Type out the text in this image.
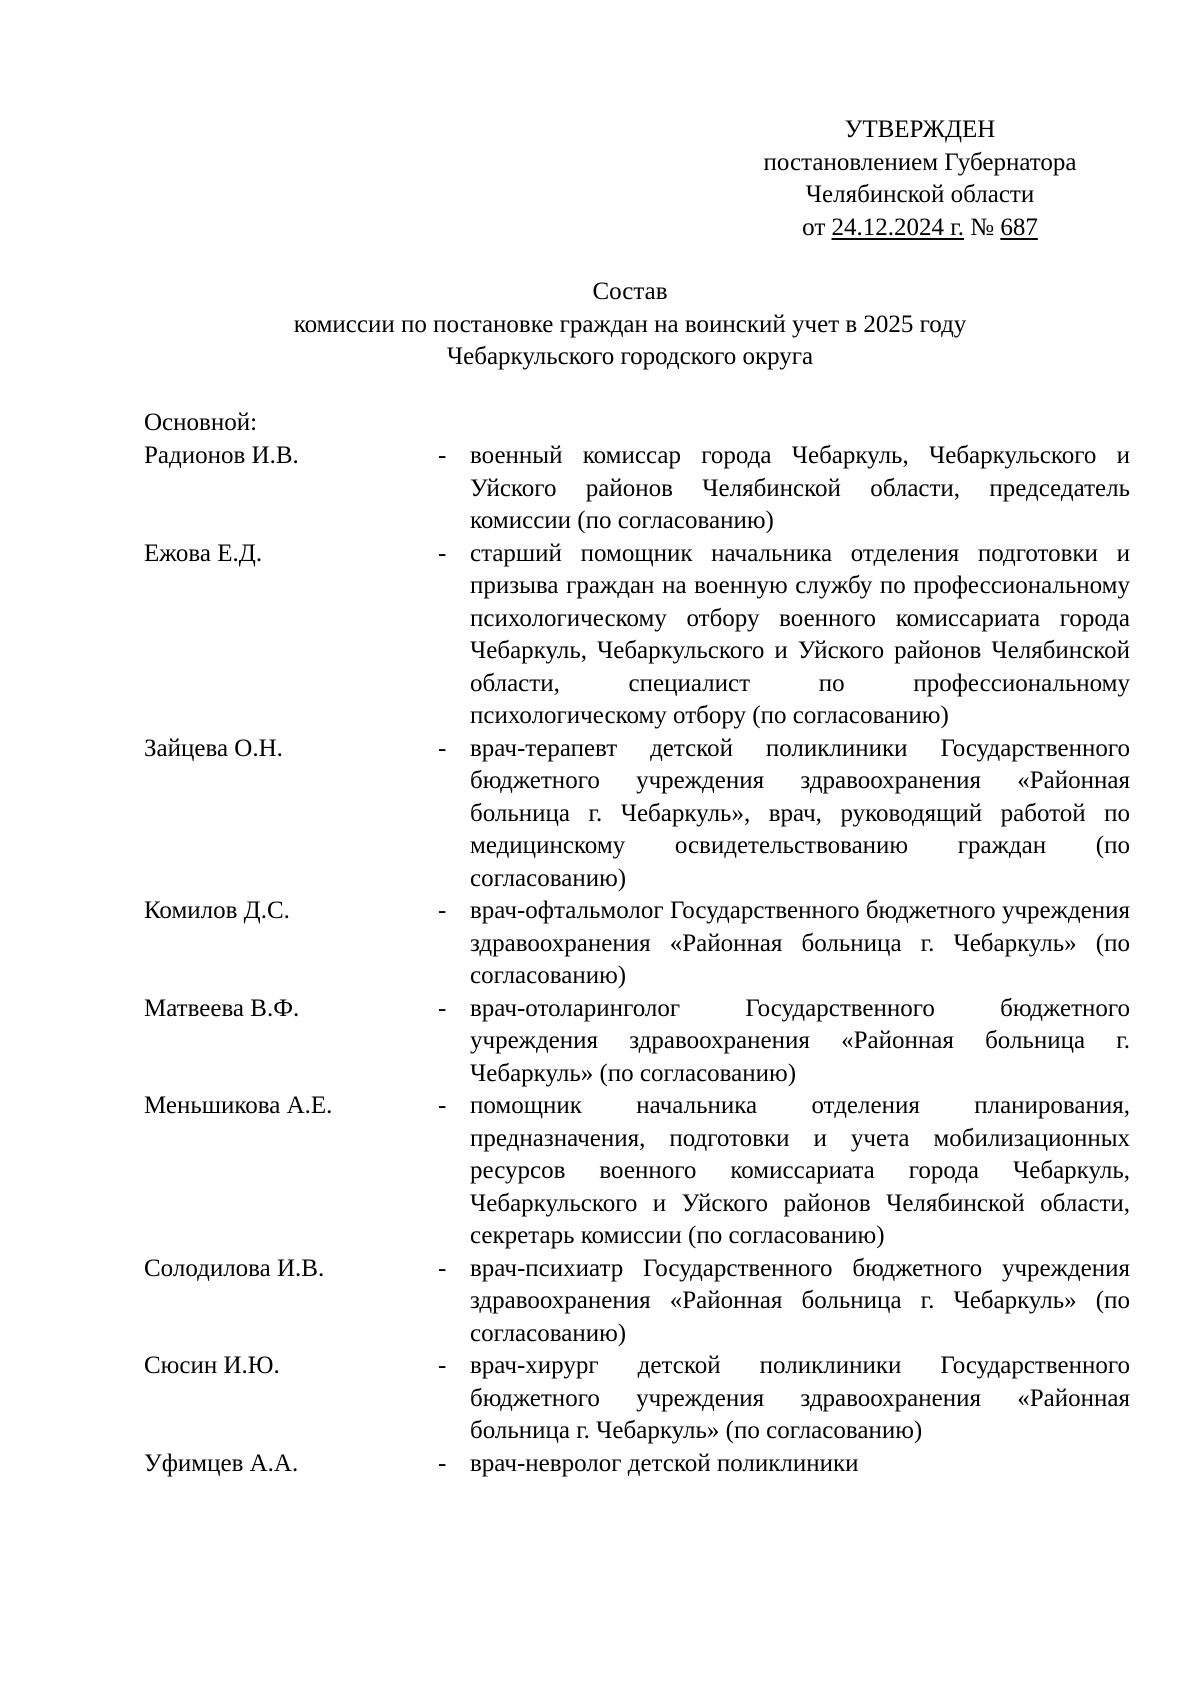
УТВЕРЖДЕН
постановлением Губернатора
Челябинской области
от 24.12.2024 г. № 687
Состав
комиссии по постановке граждан на воинский учет в 2025 году
Чебаркульского городского округа
Основной:
Радионов И.В.	- военный комиссар города Чебаркуль, Чебаркульского и Уйского районов Челябинской области, председатель комиссии (по согласованию)
Ежова Е.Д.	- старший помощник начальника отделения подготовки и призыва граждан на военную службу по профессиональному психологическому отбору военного комиссариата города Чебаркуль, Чебаркульского и Уйского районов Челябинской области, специалист по профессиональному психологическому отбору (по согласованию)
Зайцева О.Н.	- врач-терапевт детской поликлиники Государственного бюджетного учреждения здравоохранения «Районная больница г. Чебаркуль», врач, руководящий работой по медицинскому освидетельствованию граждан (по согласованию)
Комилов Д.С.	- врач-офтальмолог Государственного бюджетного учреждения здравоохранения «Районная больница г. Чебаркуль» (по согласованию)
Матвеева В.Ф.	- врач-отоларинголог Государственного бюджетного учреждения здравоохранения «Районная больница г. Чебаркуль» (по согласованию)
Меньшикова А.Е.	- помощник начальника отделения планирования, предназначения, подготовки и учета мобилизационных ресурсов военного комиссариата города Чебаркуль, Чебаркульского и Уйского районов Челябинской области, секретарь комиссии (по согласованию)
Солодилова И.В.	- врач-психиатр Государственного бюджетного учреждения здравоохранения «Районная больница г. Чебаркуль» (по согласованию)
Сюсин И.Ю.	- врач-хирург детской поликлиники Государственного бюджетного учреждения здравоохранения «Районная больница г. Чебаркуль» (по согласованию)
Уфимцев А.А.	- врач-невролог детской поликлиники
